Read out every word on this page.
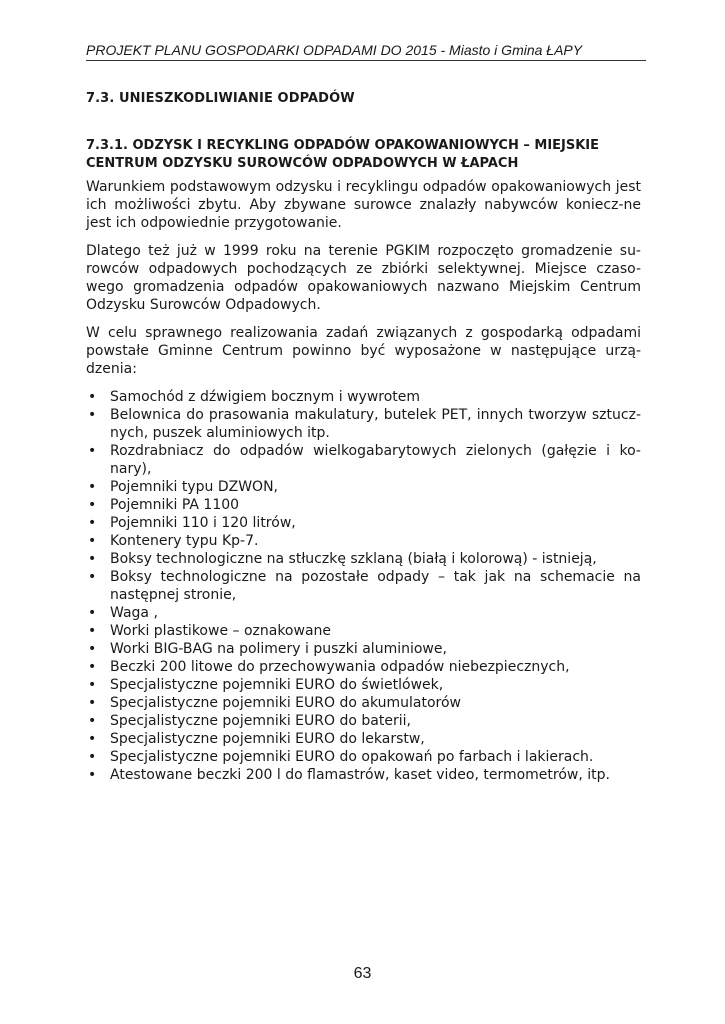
PROJEKT PLANU GOSPODARKI ODPADAMI DO 2015 - Miasto i Gmina ŁAPY
7.3. UNIESZKODLIWIANIE ODPADÓW
7.3.1. ODZYSK I RECYKLING ODPADÓW OPAKOWANIOWYCH – MIEJSKIE CENTRUM ODZYSKU SUROWCÓW ODPADOWYCH W ŁAPACH

Warunkiem podstawowym odzysku i recyklingu odpadów opakowaniowych jest ich możliwości zbytu. Aby zbywane surowce znalazły nabywców koniecz-ne jest ich odpowiednie przygotowanie.

Dlatego też już w 1999 roku na terenie PGKIM rozpoczęto gromadzenie su-rowców odpadowych pochodzących ze zbiórki selektywnej. Miejsce czaso-wego gromadzenia odpadów opakowaniowych nazwano Miejskim Centrum Odzysku Surowców Odpadowych.

W celu sprawnego realizowania zadań związanych z gospodarką odpadami powstałe Gminne Centrum powinno być wyposażone w następujące urzą-dzenia:

• Samochód z dźwigiem bocznym i wywrotem
• Belownica do prasowania makulatury, butelek PET, innych tworzyw sztucz-nych, puszek aluminiowych itp.
• Rozdrabniacz do odpadów wielkogabarytowych zielonych (gałęzie i ko-nary),
• Pojemniki typu DZWON,
• Pojemniki PA 1100
• Pojemniki 110 i 120 litrów,
• Kontenery typu Kp-7.
• Boksy technologiczne na stłuczkę szklaną (białą i kolorową) - istnieją,
• Boksy technologiczne na pozostałe odpady – tak jak na schemacie na następnej stronie,
• Waga ,
• Worki plastikowe – oznakowane
• Worki BIG-BAG na polimery i puszki aluminiowe,
• Beczki 200 litowe do przechowywania odpadów niebezpiecznych,
• Specjalistyczne pojemniki EURO do świetlówek,
• Specjalistyczne pojemniki EURO do akumulatorów
• Specjalistyczne pojemniki EURO do baterii,
• Specjalistyczne pojemniki EURO do lekarstw,
• Specjalistyczne pojemniki EURO do opakowań po farbach i lakierach.
• Atestowane beczki 200 l do flamastrów, kaset video, termometrów, itp.
63
